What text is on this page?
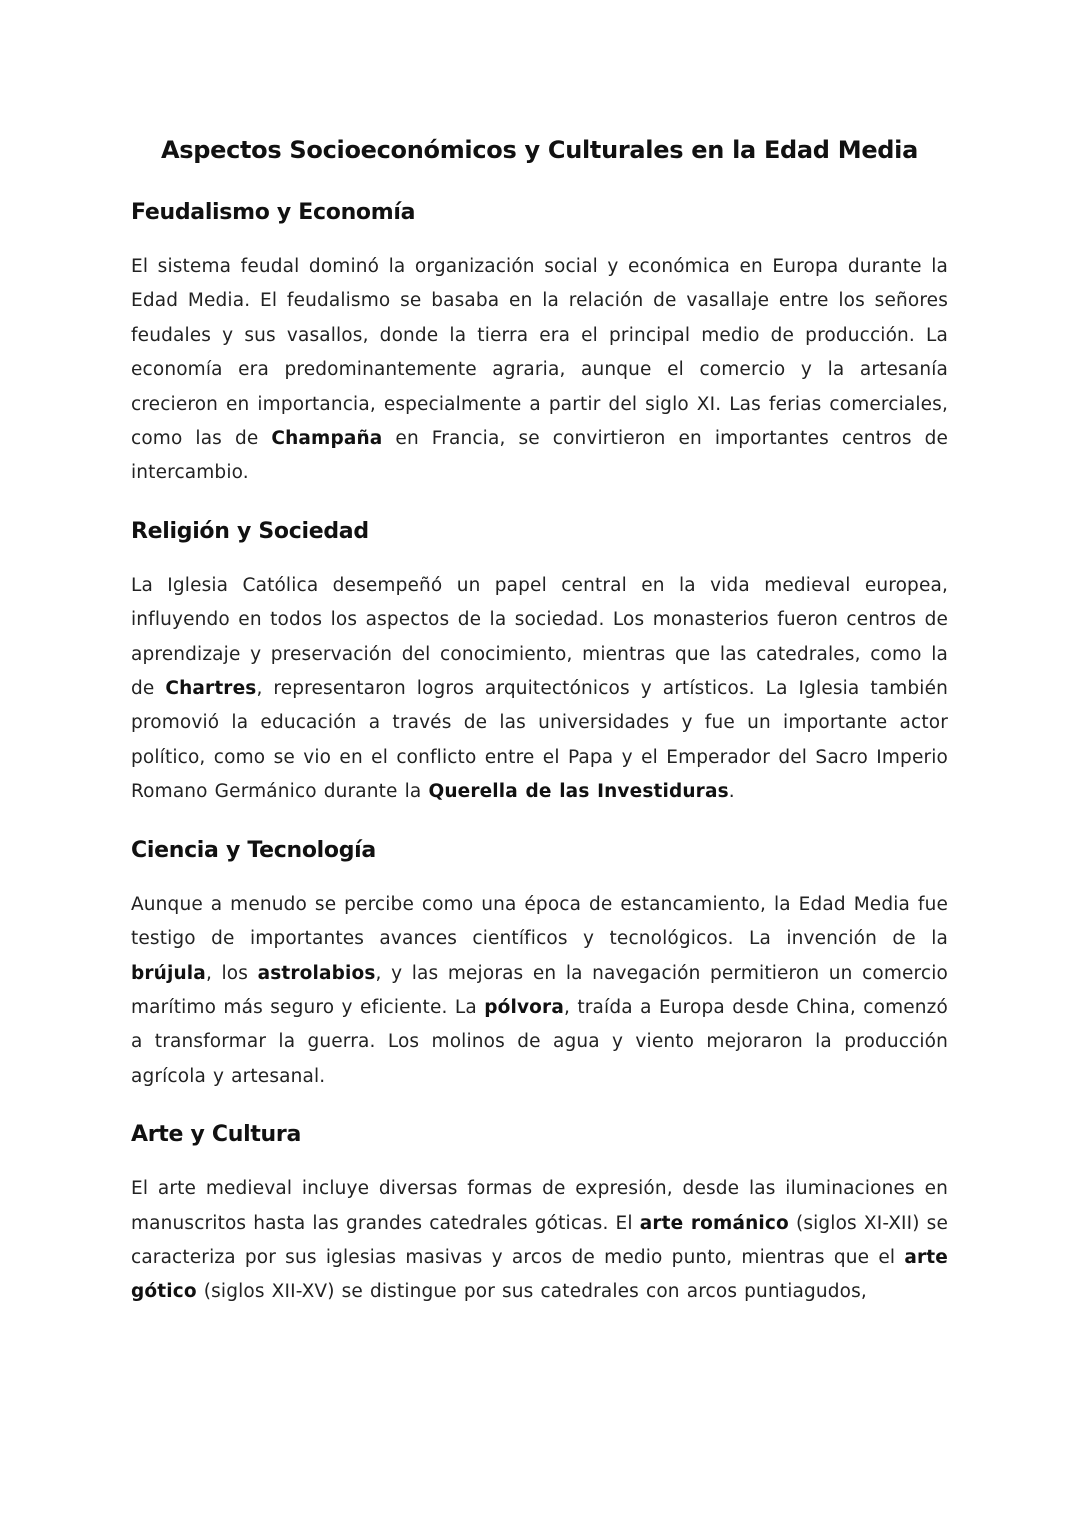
Aspectos Socioeconómicos y Culturales en la Edad Media
Feudalismo y Economía

El sistema feudal dominó la organización social y económica en Europa durante la Edad Media. El feudalismo se basaba en la relación de vasallaje entre los señores feudales y sus vasallos, donde la tierra era el principal medio de producción. La economía era predominantemente agraria, aunque el comercio y la artesanía crecieron en importancia, especialmente a partir del siglo XI. Las ferias comerciales, como las de Champaña en Francia, se convirtieron en importantes centros de intercambio.

Religión y Sociedad

La Iglesia Católica desempeñó un papel central en la vida medieval europea, influyendo en todos los aspectos de la sociedad. Los monasterios fueron centros de aprendizaje y preservación del conocimiento, mientras que las catedrales, como la de Chartres, representaron logros arquitectónicos y artísticos. La Iglesia también promovió la educación a través de las universidades y fue un importante actor político, como se vio en el conflicto entre el Papa y el Emperador del Sacro Imperio Romano Germánico durante la Querella de las Investiduras.

Ciencia y Tecnología

Aunque a menudo se percibe como una época de estancamiento, la Edad Media fue testigo de importantes avances científicos y tecnológicos. La invención de la brújula, los astrolabios, y las mejoras en la navegación permitieron un comercio marítimo más seguro y eficiente. La pólvora, traída a Europa desde China, comenzó a transformar la guerra. Los molinos de agua y viento mejoraron la producción agrícola y artesanal.

Arte y Cultura

El arte medieval incluye diversas formas de expresión, desde las iluminaciones en manuscritos hasta las grandes catedrales góticas. El arte románico (siglos XI-XII) se caracteriza por sus iglesias masivas y arcos de medio punto, mientras que el arte gótico (siglos XII-XV) se distingue por sus catedrales con arcos puntiagudos,
